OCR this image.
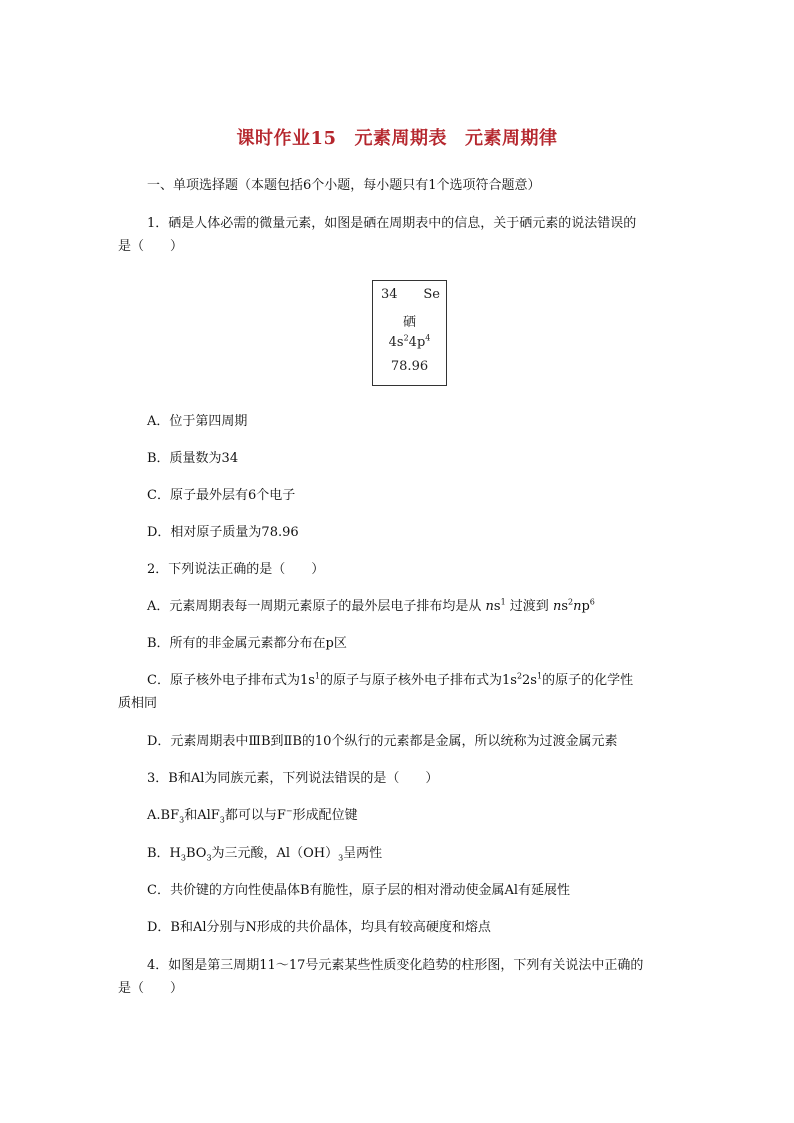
课时作业15 元素周期表 元素周期律
一、单项选择题（本题包括6个小题，每小题只有1个选项符合题意）
1．硒是人体必需的微量元素，如图是硒在周期表中的信息，关于硒元素的说法错误的
是（　　）
34 Se
硒
$4s^24p^4$
78.96
A．位于第四周期
B．质量数为34
C．原子最外层有6个电子
D．相对原子质量为78.96
2．下列说法正确的是（　　）
A．元素周期表每一周期元素原子的最外层电子排布均是从 $ns^1$ 过渡到 $ns^2np^6$
B．所有的非金属元素都分布在p区
C．原子核外电子排布式为$1s^1$的原子与原子核外电子排布式为$1s^22s^1$的原子的化学性
质相同
D．元素周期表中ⅢB到ⅡB的10个纵行的元素都是金属，所以统称为过渡金属元素
3．B和Al为同族元素，下列说法错误的是（　　）
$A.BF_3$和AlF$_3$都可以与F−形成配位键
B．$H_3BO_3$为三元酸，$Al(OH)_3$呈两性
C．共价键的方向性使晶体B有脆性，原子层的相对滑动使金属Al有延展性
D．B和Al分别与N形成的共价晶体，均具有较高硬度和熔点
4．如图是第三周期11～17号元素某些性质变化趋势的柱形图，下列有关说法中正确的
是（　　）
